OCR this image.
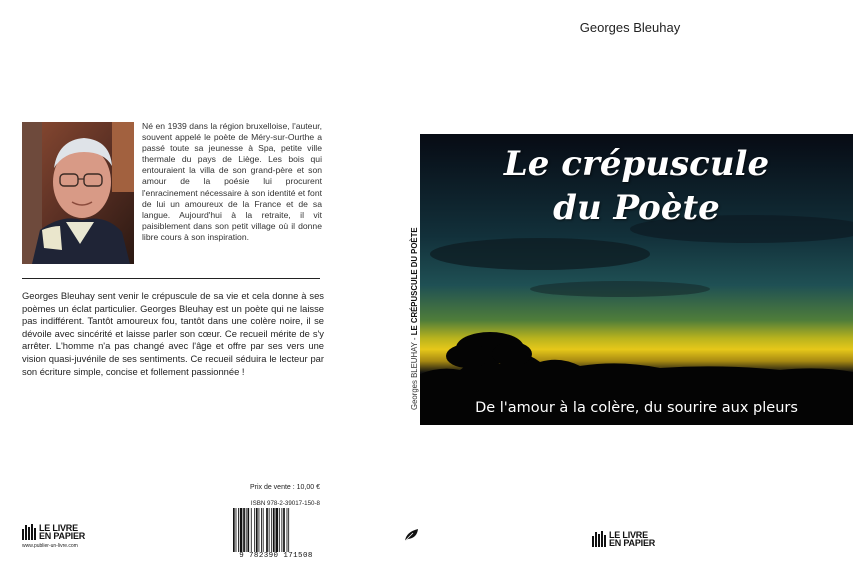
Né en 1939 dans la région bruxelloise, l'auteur, souvent appelé le poète de Méry-sur-Ourthe a passé toute sa jeunesse à Spa, petite ville thermale du pays de Liège. Les bois qui entouraient la villa de son grand-père et son amour de la poésie lui procurent l'enracinement nécessaire à son identité et font de lui un amoureux de la France et de sa langue. Aujourd'hui à la retraite, il vit paisiblement dans son petit village où il donne libre cours à son inspiration.
Georges Bleuhay sent venir le crépuscule de sa vie et cela donne à ses poèmes un éclat particulier. Georges Bleuhay est un poète qui ne laisse pas indifférent. Tantôt amoureux fou, tantôt dans une colère noire, il se dévoile avec sincérité et laisse parler son cœur. Ce recueil mérite de s'y arrêter. L'homme n'a pas changé avec l'âge et offre par ses vers une vision quasi-juvénile de ses sentiments. Ce recueil séduira le lecteur par son écriture simple, concise et follement passionnée !
Prix de vente : 10,00 €
ISBN 978-2-39017-150-8
9 782390 171508
LE LIVRE
EN PAPIER
www.publier-un-livre.com
Georges BLEUHAY - LE CRÉPUSCULE DU POÈTE
Georges Bleuhay
Le crépuscule
du Poète
De l'amour à la colère, du sourire aux pleurs
LE LIVRE
EN PAPIER
